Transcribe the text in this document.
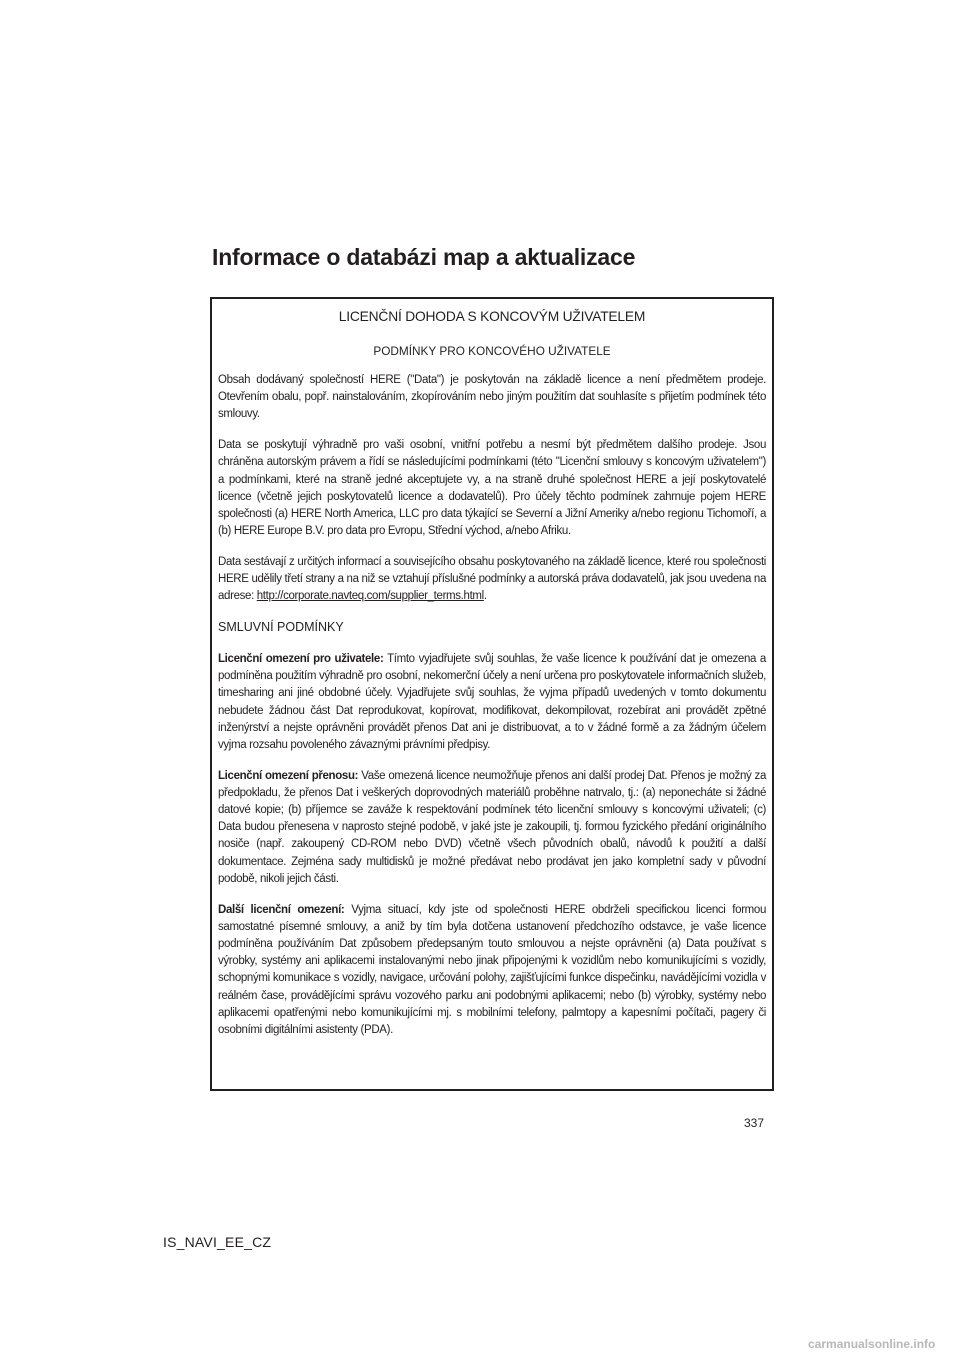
Informace o databázi map a aktualizace
LICENČNÍ DOHODA S KONCOVÝM UŽIVATELEM
PODMÍNKY PRO KONCOVÉHO UŽIVATELE

Obsah dodávaný společností HERE ("Data") je poskytován na základě licence a není předmětem prodeje. Otevřením obalu, popř. nainstalováním, zkopírováním nebo jiným použitím dat souhlasíte s přijetím podmínek této smlouvy.

Data se poskytují výhradně pro vaši osobní, vnitřní potřebu a nesmí být předmětem dalšího prodeje. Jsou chráněna autorským právem a řídí se následujícími podmínkami (této "Licenční smlouvy s koncovým uživatelem") a podmínkami, které na straně jedné akceptujete vy, a na straně druhé společnost HERE a její poskytovatelé licence (včetně jejich poskytovatelů licence a dodavatelů). Pro účely těchto podmínek zahrnuje pojem HERE společnosti (a) HERE North America, LLC pro data týkající se Severní a Jižní Ameriky a/nebo regionu Tichomoří, a (b) HERE Europe B.V. pro data pro Evropu, Střední východ, a/nebo Afriku.

Data sestávají z určitých informací a souvisejícího obsahu poskytovaného na základě licence, které rou společnosti HERE udělily třetí strany a na niž se vztahují příslušné podmínky a autorská práva dodavatelů, jak jsou uvedena na adrese: http://corporate.navteq.com/supplier_terms.html.

SMLUVNÍ PODMÍNKY

Licenční omezení pro uživatele: Tímto vyjadřujete svůj souhlas, že vaše licence k používání dat je omezena a podmíněna použitím výhradně pro osobní, nekomerční účely a není určena pro poskytovatele informačních služeb, timesharing ani jiné obdobné účely. Vyjadřujete svůj souhlas, že vyjma případů uvedených v tomto dokumentu nebudete žádnou část Dat reprodukovat, kopírovat, modifikovat, dekompilovat, rozebírat ani provádět zpětné inženýrství a nejste oprávněni provádět přenos Dat ani je distribuovat, a to v žádné formě a za žádným účelem vyjma rozsahu povoleného závaznými právními předpisy.

Licenční omezení přenosu: Vaše omezená licence neumožňuje přenos ani další prodej Dat. Přenos je možný za předpokladu, že přenos Dat i veškerých doprovodných materiálů proběhne natrvalo, tj.: (a) neponecháte si žádné datové kopie; (b) příjemce se zaváže k respektování podmínek této licenční smlouvy s koncovými uživateli; (c) Data budou přenesena v naprosto stejné podobě, v jaké jste je zakoupili, tj. formou fyzického předání originálního nosiče (např. zakoupený CD-ROM nebo DVD) včetně všech původních obalů, návodů k použití a další dokumentace. Zejména sady multidisků je možné předávat nebo prodávat jen jako kompletní sady v původní podobě, nikoli jejich části.

Další licenční omezení: Vyjma situací, kdy jste od společnosti HERE obdrželi specifickou licenci formou samostatné písemné smlouvy, a aniž by tím byla dotčena ustanovení předchozího odstavce, je vaše licence podmíněna používáním Dat způsobem předepsaným touto smlouvou a nejste oprávněni (a) Data používat s výrobky, systémy ani aplikacemi instalovanými nebo jinak připojenými k vozidlům nebo komunikujícími s vozidly, schopnými komunikace s vozidly, navigace, určování polohy, zajišťujícími funkce dispečinku, navádějícími vozidla v reálném čase, provádějícími správu vozového parku ani podobnými aplikacemi; nebo (b) výrobky, systémy nebo aplikacemi opatřenými nebo komunikujícími mj. s mobilními telefony, palmtopy a kapesními počítači, pagery či osobními digitálními asistenty (PDA).

337
IS_NAVI_EE_CZ
carmanualsonline.info
